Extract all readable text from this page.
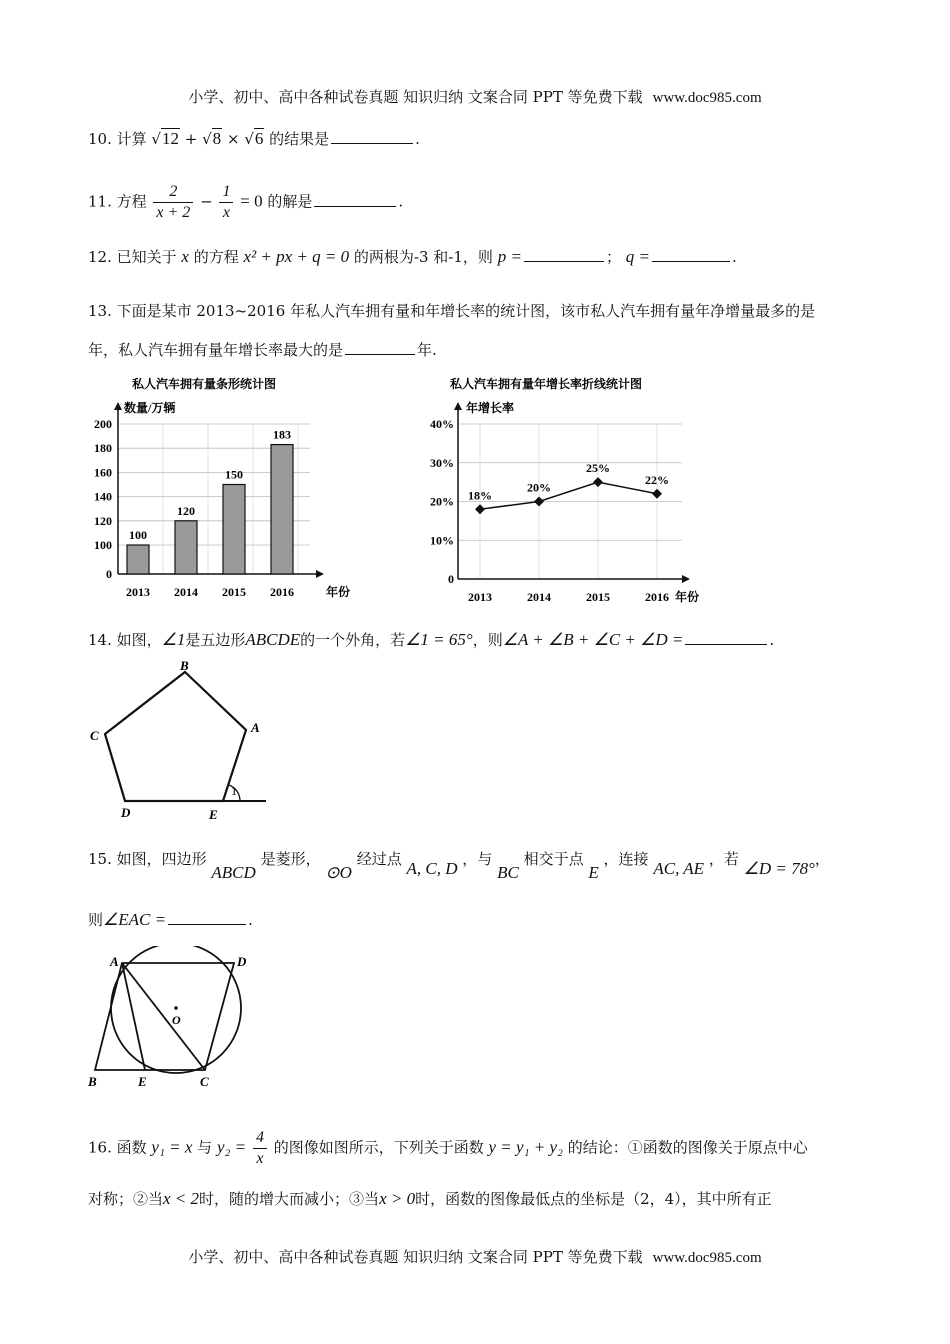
小学、初中、高中各种试卷真题 知识归纳 文案合同 PPT 等免费下载 www.doc985.com
10. 计算 √12 + √8 × √6 的结果是	.
11. 方程 $\frac{2}{x + 2} - \frac{1}{x} = 0$ 的解是	.
12. 已知关于 x 的方程 x² + px + q = 0 的两根为-3 和-1，则 p =	； q =	.
13. 下面是某市 2013~2016 年私人汽车拥有量和年增长率的统计图，该市私人汽车拥有量年净增量最多的是
年，私人汽车拥有量年增长率最大的是	年.
私人汽车拥有量条形统计图
数量/万辆
年份
0
100
120
140
160
180
200
100
2013
120
2014
150
2015
183
2016
私人汽车拥有量年增长率折线统计图
年增长率
年份
0
10%
20%
30%
40%
18%
2013
20%
2014
25%
2015
22%
2016
14. 如图，∠1是五边形ABCDE的一个外角，若∠1 = 65°，则∠A + ∠B + ∠C + ∠D =	.
B
A
C
D	E
1
15. 如图，四边形 ABCD 是菱形， ⊙O 经过点 A, C, D ，与 BC 相交于点 E ，连接 AC, AE ，若 ∠D = 78°，
则∠EAC =	.
A	D
O
B	E	C
16. 函数 y₁ = x 与 $y_2 = \frac{4}{x}$ 的图像如图所示，下列关于函数 y = y₁ + y₂ 的结论：①函数的图像关于原点中心
对称；②当x < 2时，随的增大而减小；③当x > 0时，函数的图像最低点的坐标是（2，4），其中所有正
小学、初中、高中各种试卷真题 知识归纳 文案合同 PPT 等免费下载 www.doc985.com
